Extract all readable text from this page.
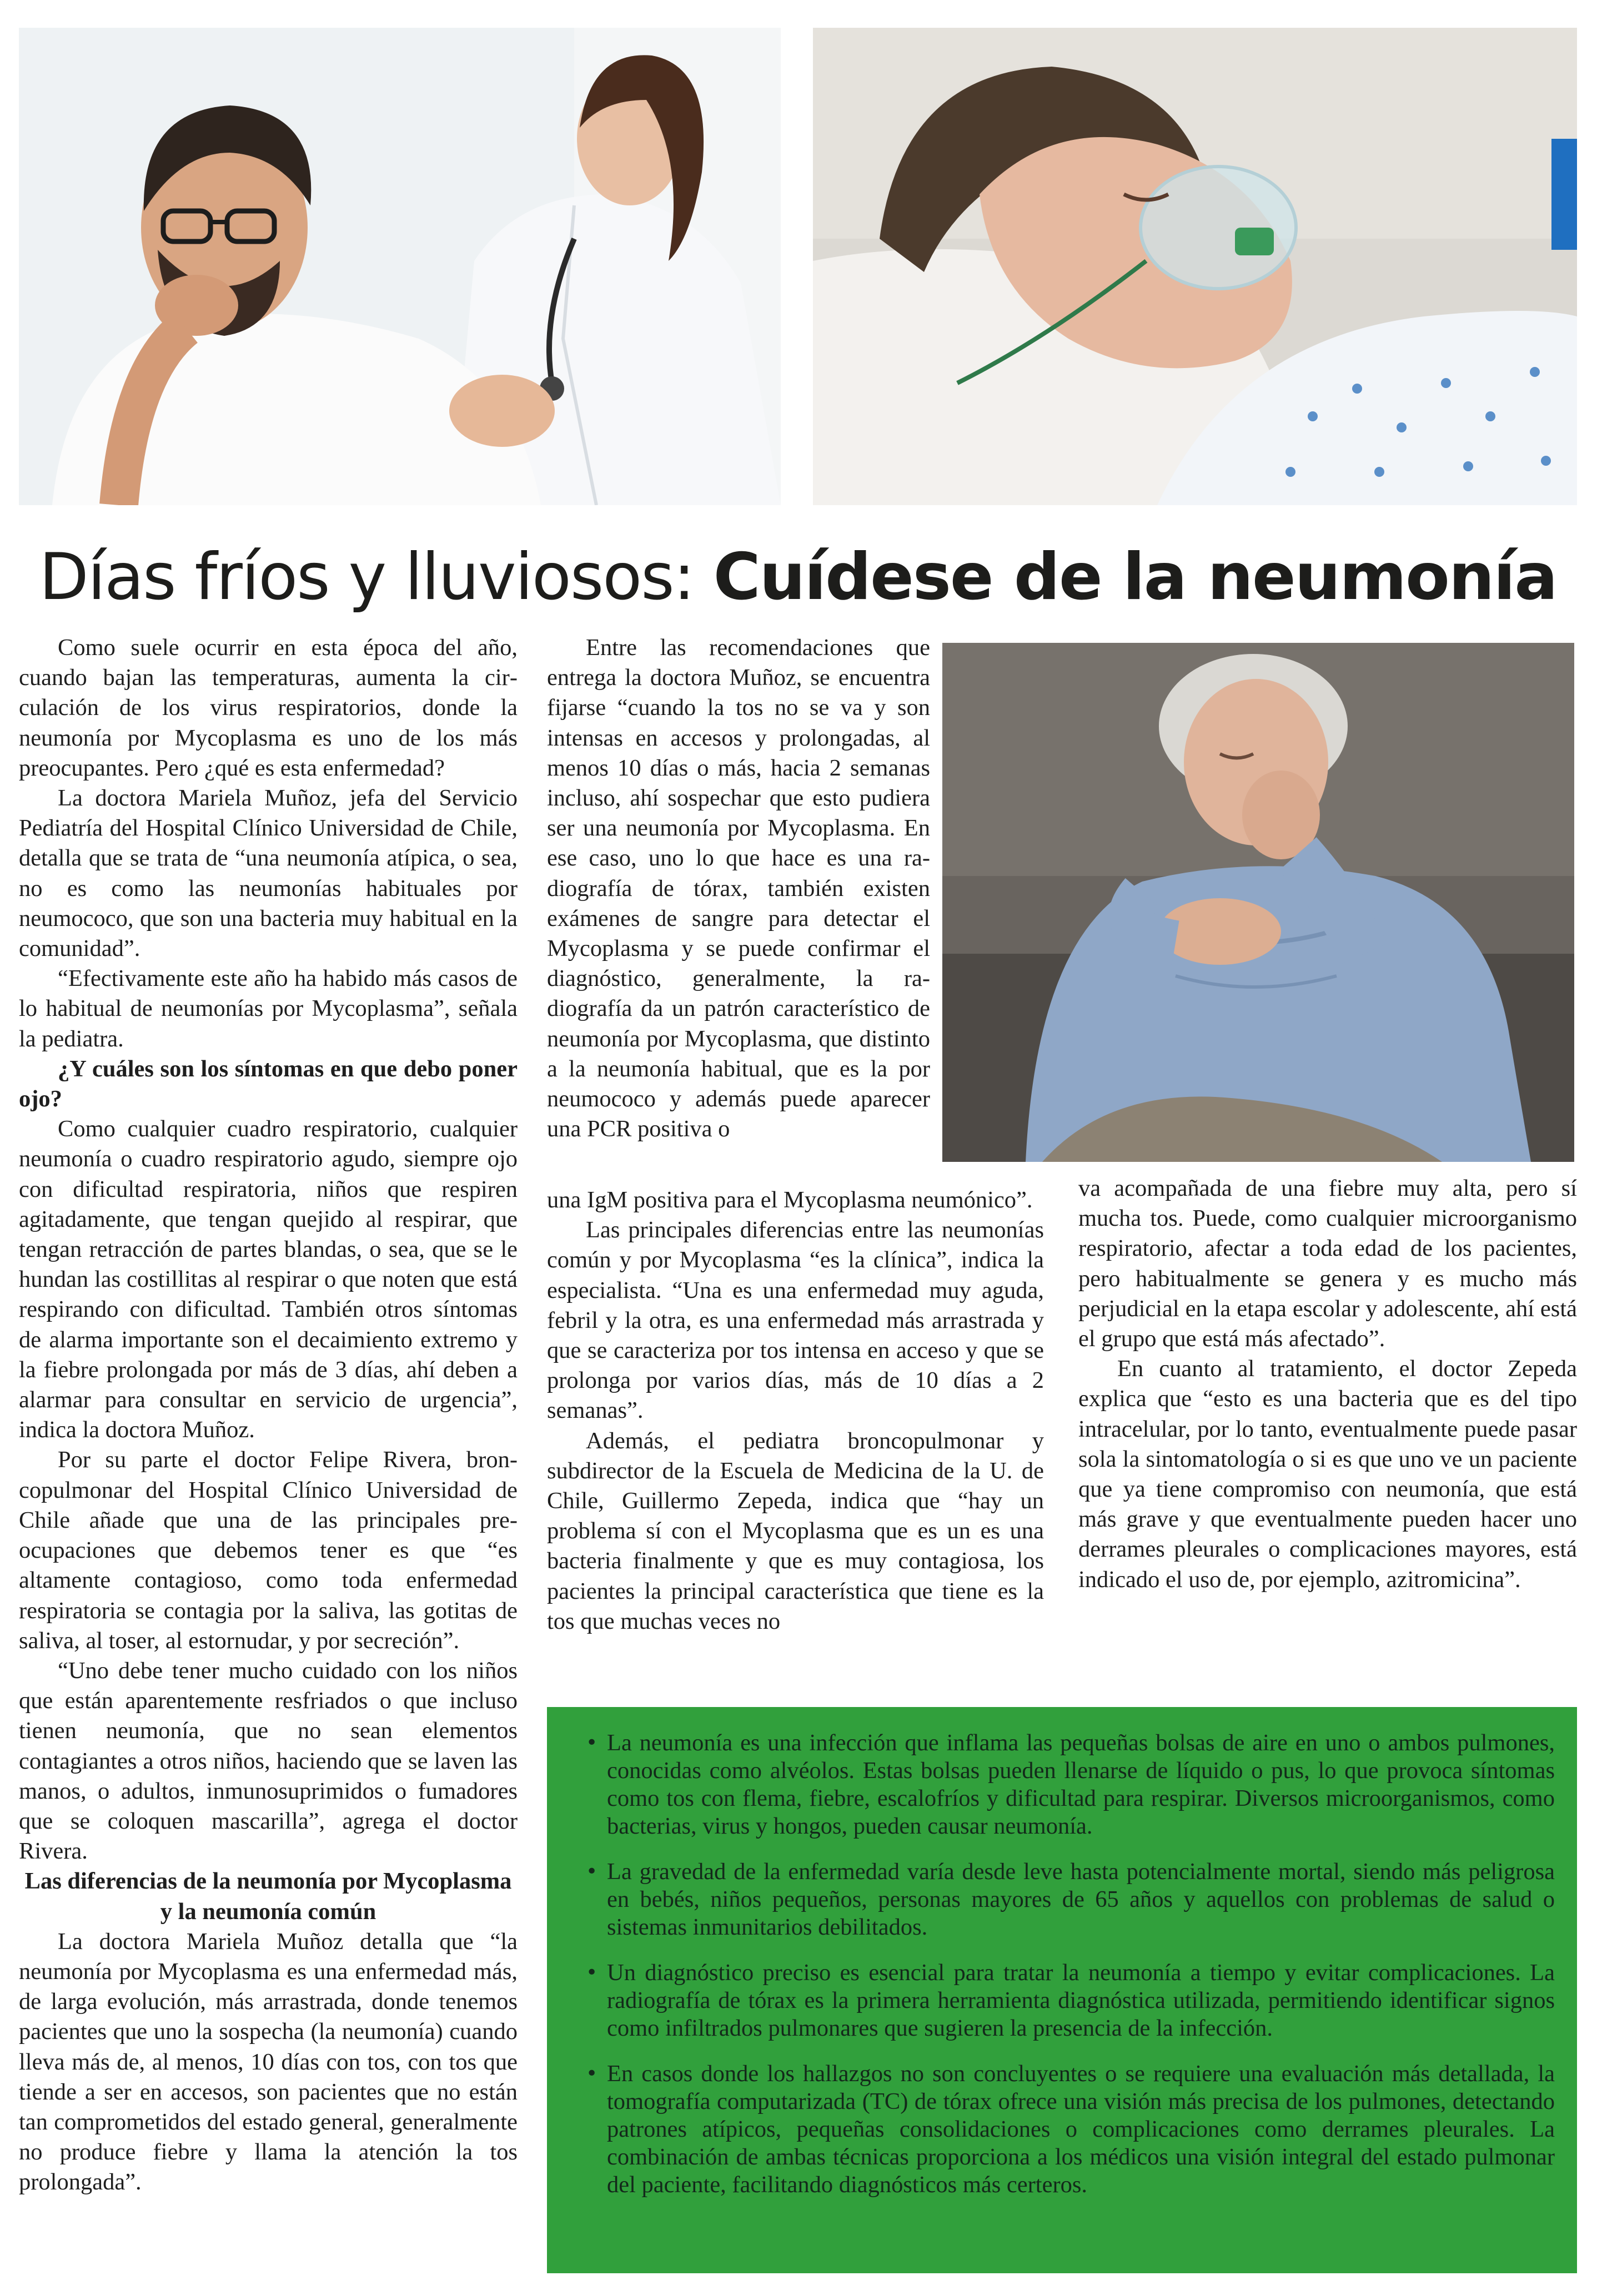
Días fríos y lluviosos: Cuídese de la neumonía

Como suele ocurrir en esta época del año, cuando bajan las temperaturas, aumenta la circulación de los virus respiratorios, donde la neumonía por Mycoplasma es uno de los más preocupantes. Pero ¿qué es esta enfermedad?

La doctora Mariela Muñoz, jefa del Servicio Pediatría del Hospital Clínico Universidad de Chile, detalla que se trata de “una neumonía atípica, o sea, no es como las neumonías habituales por neumococo, que son una bacteria muy habitual en la comunidad”.

“Efectivamente este año ha habido más casos de lo habitual de neumonías por Mycoplasma”, señala la pediatra.

¿Y cuáles son los síntomas en que debo poner ojo?

Como cualquier cuadro respiratorio, cualquier neumonía o cuadro respiratorio agudo, siempre ojo con dificultad respiratoria, niños que respiren agitadamente, que tengan quejido al respirar, que tengan retracción de partes blandas, o sea, que se le hundan las costillitas al respirar o que noten que está respirando con dificultad. También otros síntomas de alarma importante son el decaimiento extremo y la fiebre prolongada por más de 3 días, ahí deben a alarmar para consultar en servicio de urgencia”, indica la doctora Muñoz.

Por su parte el doctor Felipe Rivera, broncopulmonar del Hospital Clínico Universidad de Chile añade que una de las principales preocupaciones que debemos tener es que “es altamente contagioso, como toda enfermedad respiratoria se contagia por la saliva, las gotitas de saliva, al toser, al estornudar, y por secreción”.

“Uno debe tener mucho cuidado con los niños que están aparentemente resfriados o que incluso tienen neumonía, que no sean elementos contagiantes a otros niños, haciendo que se laven las manos, o adultos, inmunosuprimidos o fumadores que se coloquen mascarilla”, agrega el doctor Rivera.

Las diferencias de la neumonía por Mycoplasma y la neumonía común

La doctora Mariela Muñoz detalla que “la neumonía por Mycoplasma es una enfermedad más, de larga evolución, más arrastrada, donde tenemos pacientes que uno la sospecha (la neumonía) cuando lleva más de, al menos, 10 días con tos, con tos que tiende a ser en accesos, son pacientes que no están tan comprometidos del estado general, generalmente no produce fiebre y llama la atención la tos prolongada”.

Entre las recomendaciones que entrega la doctora Muñoz, se encuentra fijarse “cuando la tos no se va y son intensas en accesos y prolongadas, al menos 10 días o más, hacia 2 semanas incluso, ahí sospechar que esto pudiera ser una neumonía por Mycoplasma. En ese caso, uno lo que hace es una radiografía de tórax, también existen exámenes de sangre para detectar el Mycoplasma y se puede confirmar el diagnóstico, generalmente, la radiografía da un patrón característico de neumonía por Mycoplasma, que distinto a la neumonía habitual, que es la por neumococo y además puede aparecer una PCR positiva o

una IgM positiva para el Mycoplasma neumónico”.

Las principales diferencias entre las neumonías común y por Mycoplasma “es la clínica”, indica la especialista. “Una es una enfermedad muy aguda, febril y la otra, es una enfermedad más arrastrada y que se caracteriza por tos intensa en acceso y que se prolonga por varios días, más de 10 días a 2 semanas”.

Además, el pediatra broncopulmonar y subdirector de la Escuela de Medicina de la U. de Chile, Guillermo Zepeda, indica que “hay un problema sí con el Mycoplasma que es un es una bacteria finalmente y que es muy contagiosa, los pacientes la principal característica que tiene es la tos que muchas veces no

va acompañada de una fiebre muy alta, pero sí mucha tos. Puede, como cualquier microorganismo respiratorio, afectar a toda edad de los pacientes, pero habitualmente se genera y es mucho más perjudicial en la etapa escolar y adolescente, ahí está el grupo que está más afectado”.

En cuanto al tratamiento, el doctor Zepeda explica que “esto es una bacteria que es del tipo intracelular, por lo tanto, eventualmente puede pasar sola la sintomatología o si es que uno ve un paciente que ya tiene compromiso con neumonía, que está más grave y que eventualmente pueden hacer uno derrames pleurales o complicaciones mayores, está indicado el uso de, por ejemplo, azitromicina”.

• La neumonía es una infección que inflama las pequeñas bolsas de aire en uno o ambos pulmones, conocidas como alvéolos. Estas bolsas pueden llenarse de líquido o pus, lo que provoca síntomas como tos con flema, fiebre, escalofríos y dificultad para respirar. Diversos microorganismos, como bacterias, virus y hongos, pueden causar neumonía.
• La gravedad de la enfermedad varía desde leve hasta potencialmente mortal, siendo más peligrosa en bebés, niños pequeños, personas mayores de 65 años y aquellos con problemas de salud o sistemas inmunitarios debilitados.
• Un diagnóstico preciso es esencial para tratar la neumonía a tiempo y evitar complicaciones. La radiografía de tórax es la primera herramienta diagnóstica utilizada, permitiendo identificar signos como infiltrados pulmonares que sugieren la presencia de la infección.
• En casos donde los hallazgos no son concluyentes o se requiere una evaluación más detallada, la tomografía computarizada (TC) de tórax ofrece una visión más precisa de los pulmones, detectando patrones atípicos, pequeñas consolidaciones o complicaciones como derrames pleurales. La combinación de ambas técnicas proporciona a los médicos una visión integral del estado pulmonar del paciente, facilitando diagnósticos más certeros.
